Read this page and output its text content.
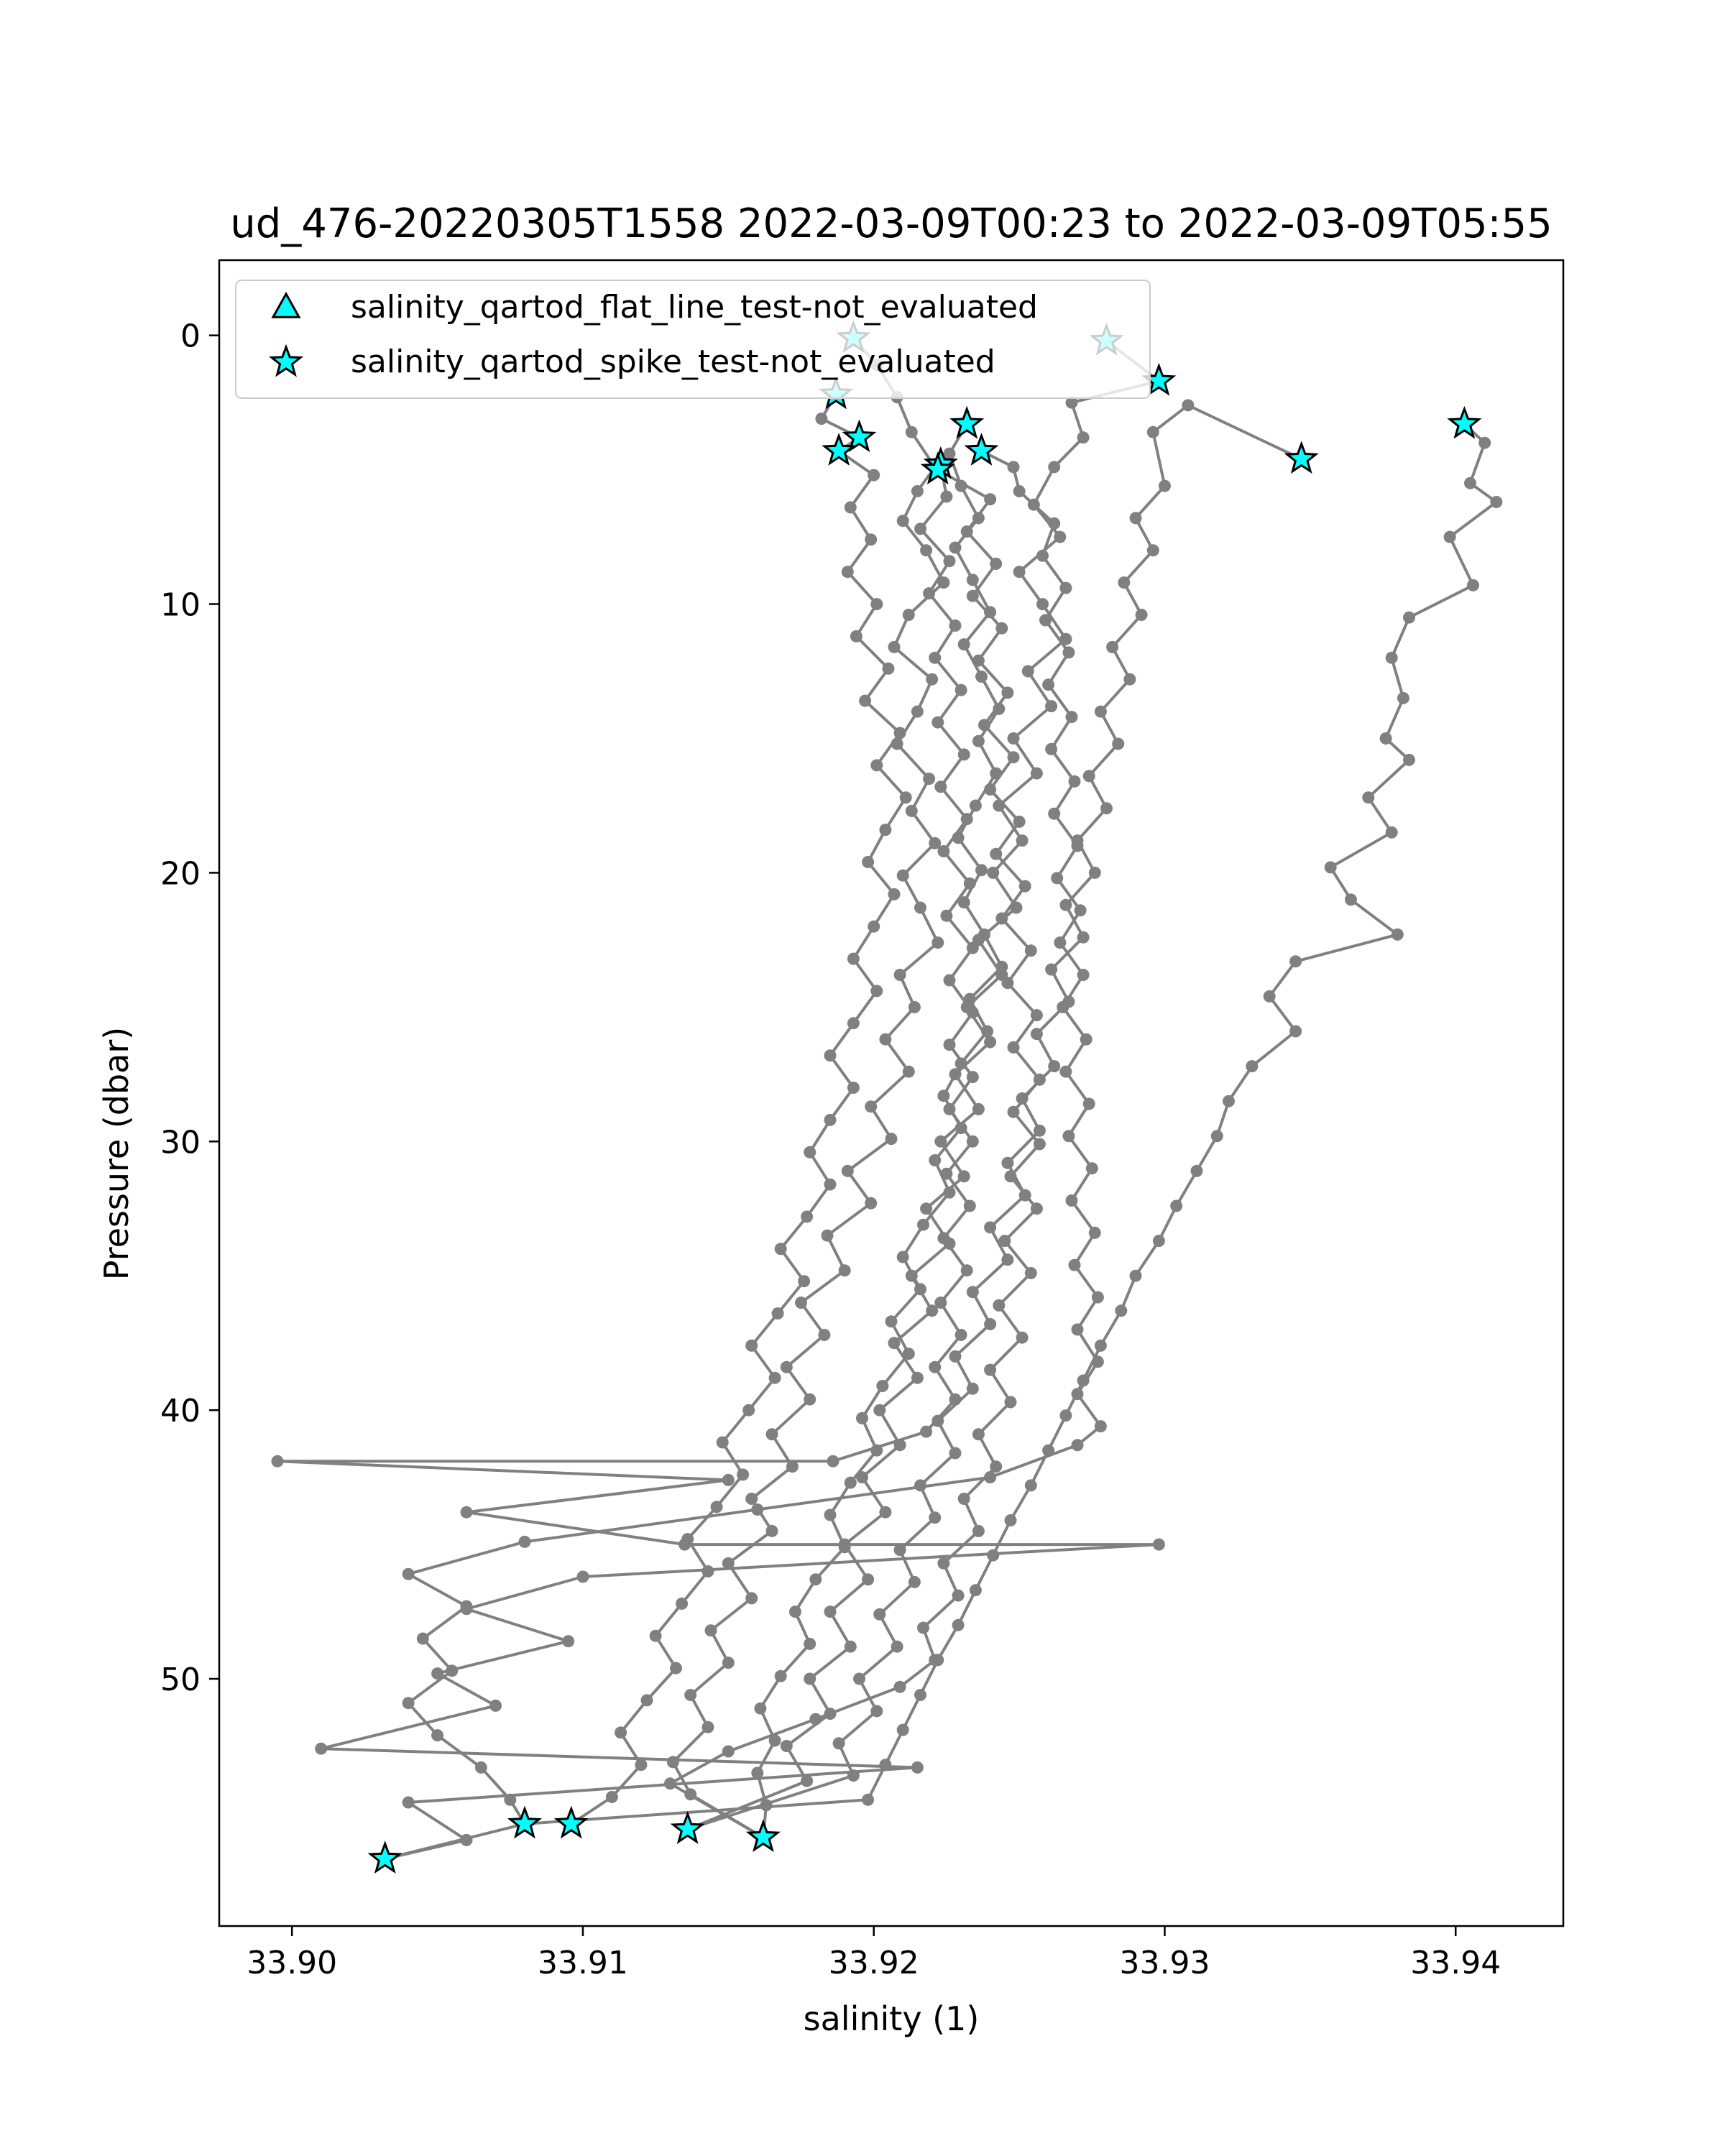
ud_476-20220305T1558 2022-03-09T00:23 to 2022-03-09T05:55
33.90	33.91	33.92	33.93	33.94
0
10
20
30
40
50
salinity (1)
Pressure (dbar)
salinity_qartod_flat_line_test-not_evaluated
salinity_qartod_spike_test-not_evaluated
